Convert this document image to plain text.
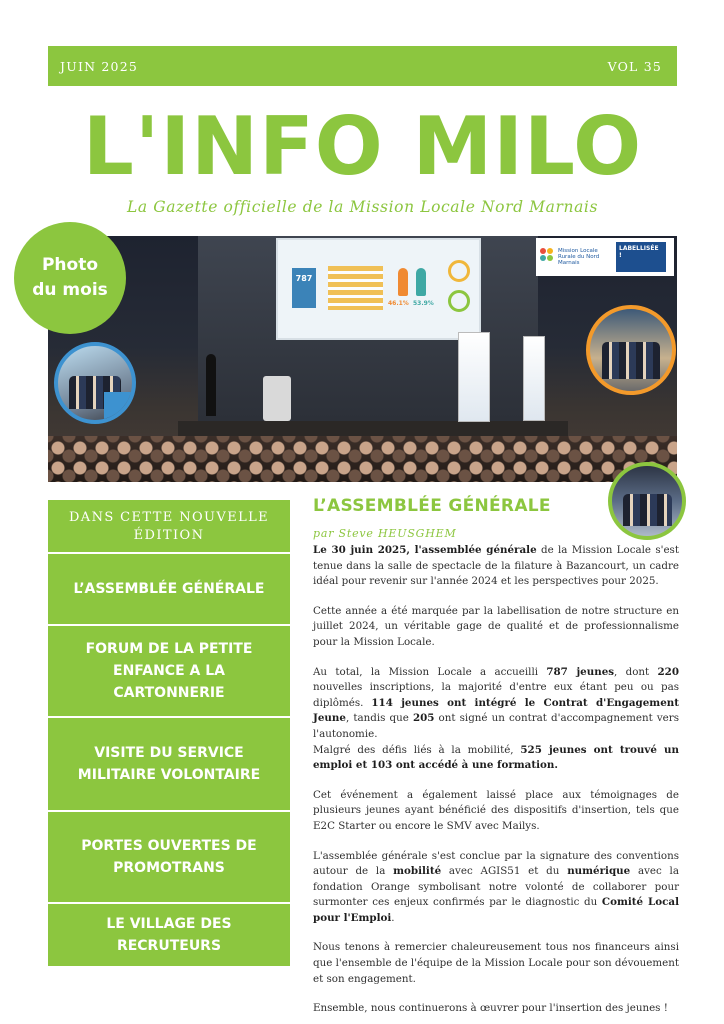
JUIN 2025	VOL 35
L'INFO MILO
La Gazette officielle de la Mission Locale Nord Marnais
787
46.1% 53.9%
Mission Locale Rurale du Nord Marnais
LABELLISÉE !
Photo
du mois
DANS CETTE NOUVELLE ÉDITION
L’ASSEMBLÉE GÉNÉRALE
FORUM DE LA PETITE ENFANCE A LA CARTONNERIE
VISITE DU SERVICE MILITAIRE VOLONTAIRE
PORTES OUVERTES DE PROMOTRANS
LE VILLAGE DES RECRUTEURS
L’ASSEMBLÉE GÉNÉRALE
par Steve HEUSGHEM

Le 30 juin 2025, l'assemblée générale de la Mission Locale s'est tenue dans la salle de spectacle de la filature à Bazancourt, un cadre idéal pour revenir sur l'année 2024 et les perspectives pour 2025.

Cette année a été marquée par la labellisation de notre structure en juillet 2024, un véritable gage de qualité et de professionnalisme pour la Mission Locale.

Au total, la Mission Locale a accueilli 787 jeunes, dont 220 nouvelles inscriptions, la majorité d'entre eux étant peu ou pas diplômés. 114 jeunes ont intégré le Contrat d'Engagement Jeune, tandis que 205 ont signé un contrat d'accompagnement vers l'autonomie.
Malgré des défis liés à la mobilité, 525 jeunes ont trouvé un emploi et 103 ont accédé à une formation.

Cet événement a également laissé place aux témoignages de plusieurs jeunes ayant bénéficié des dispositifs d'insertion, tels que E2C Starter ou encore le SMV avec Mailys.

L'assemblée générale s'est conclue par la signature des conventions autour de la mobilité avec AGIS51 et du numérique avec la fondation Orange symbolisant notre volonté de collaborer pour surmonter ces enjeux confirmés par le diagnostic du Comité Local pour l'Emploi.

Nous tenons à remercier chaleureusement tous nos financeurs ainsi que l'ensemble de l'équipe de la Mission Locale pour son dévouement et son engagement.

Ensemble, nous continuerons à œuvrer pour l'insertion des jeunes !
